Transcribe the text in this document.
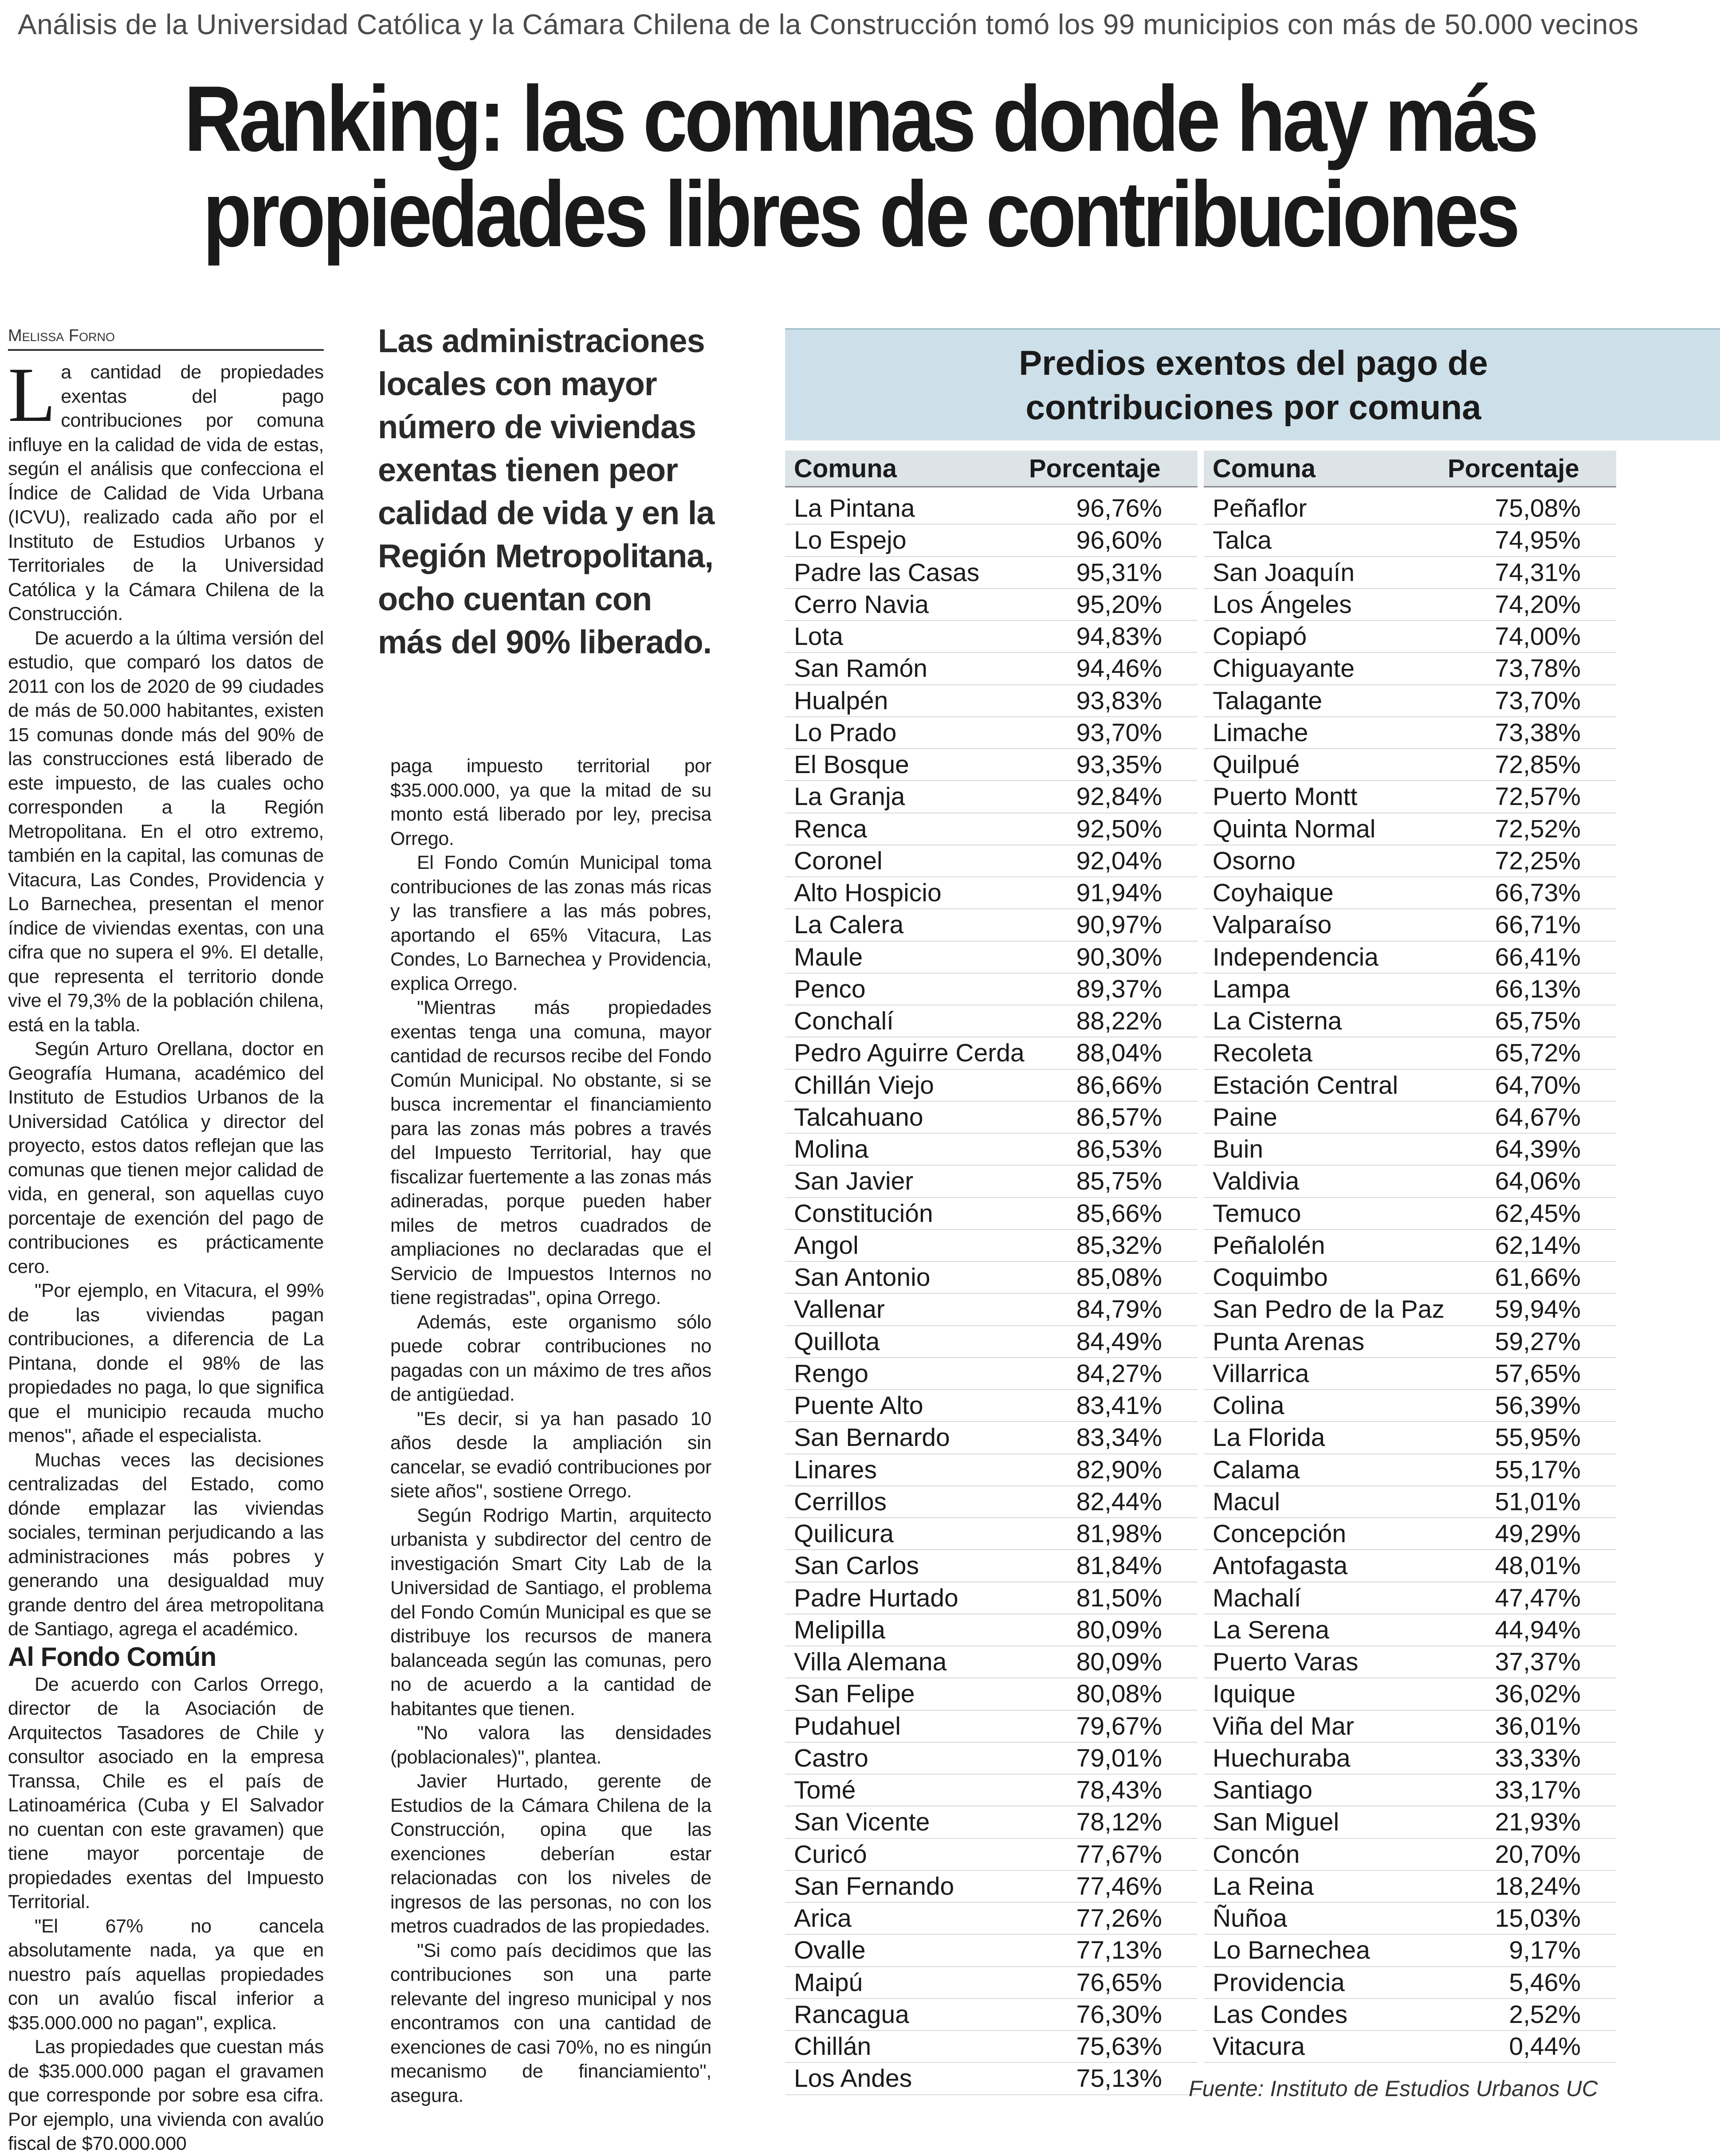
Análisis de la Universidad Católica y la Cámara Chilena de la Construcción tomó los 99 municipios con más de 50.000 vecinos
Ranking: las comunas donde hay más
propiedades libres de contribuciones
Melissa Forno

La cantidad de propiedades exentas del pago contribuciones por comuna influye en la calidad de vida de estas, según el análisis que confecciona el Índice de Calidad de Vida Urbana (ICVU), realizado cada año por el Instituto de Estudios Urbanos y Territoriales de la Universidad Católica y la Cámara Chilena de la Construcción.

De acuerdo a la última versión del estudio, que comparó los datos de 2011 con los de 2020 de 99 ciudades de más de 50.000 habitantes, existen 15 comunas donde más del 90% de las construcciones está liberado de este impuesto, de las cuales ocho corresponden a la Región Metropolitana. En el otro extremo, también en la capital, las comunas de Vitacura, Las Condes, Providencia y Lo Barnechea, presentan el menor índice de viviendas exentas, con una cifra que no supera el 9%. El detalle, que representa el territorio donde vive el 79,3% de la población chilena, está en la tabla.

Según Arturo Orellana, doctor en Geografía Humana, académico del Instituto de Estudios Urbanos de la Universidad Católica y director del proyecto, estos datos reflejan que las comunas que tienen mejor calidad de vida, en general, son aquellas cuyo porcentaje de exención del pago de contribuciones es prácticamente cero.

"Por ejemplo, en Vitacura, el 99% de las viviendas pagan contribuciones, a diferencia de La Pintana, donde el 98% de las propiedades no paga, lo que significa que el municipio recauda mucho menos", añade el especialista.

Muchas veces las decisiones centralizadas del Estado, como dónde emplazar las viviendas sociales, terminan perjudicando a las administraciones más pobres y generando una desigualdad muy grande dentro del área metropolitana de Santiago, agrega el académico.

Al Fondo Común

De acuerdo con Carlos Orrego, director de la Asociación de Arquitectos Tasadores de Chile y consultor asociado en la empresa Transsa, Chile es el país de Latinoamérica (Cuba y El Salvador no cuentan con este gravamen) que tiene mayor porcentaje de propiedades exentas del Impuesto Territorial.

"El 67% no cancela absolutamente nada, ya que en nuestro país aquellas propiedades con un avalúo fiscal inferior a $35.000.000 no pagan", explica.

Las propiedades que cuestan más de $35.000.000 pagan el gravamen que corresponde por sobre esa cifra. Por ejemplo, una vivienda con avalúo fiscal de $70.000.000

Las administraciones locales con mayor número de viviendas exentas tienen peor calidad de vida y en la Región Metropolitana, ocho cuentan con más del 90% liberado.

paga impuesto territorial por $35.000.000, ya que la mitad de su monto está liberado por ley, precisa Orrego.

El Fondo Común Municipal toma contribuciones de las zonas más ricas y las transfiere a las más pobres, aportando el 65% Vitacura, Las Condes, Lo Barnechea y Providencia, explica Orrego.

"Mientras más propiedades exentas tenga una comuna, mayor cantidad de recursos recibe del Fondo Común Municipal. No obstante, si se busca incrementar el financiamiento para las zonas más pobres a través del Impuesto Territorial, hay que fiscalizar fuertemente a las zonas más adineradas, porque pueden haber miles de metros cuadrados de ampliaciones no declaradas que el Servicio de Impuestos Internos no tiene registradas", opina Orrego.

Además, este organismo sólo puede cobrar contribuciones no pagadas con un máximo de tres años de antigüedad.

"Es decir, si ya han pasado 10 años desde la ampliación sin cancelar, se evadió contribuciones por siete años", sostiene Orrego.

Según Rodrigo Martin, arquitecto urbanista y subdirector del centro de investigación Smart City Lab de la Universidad de Santiago, el problema del Fondo Común Municipal es que se distribuye los recursos de manera balanceada según las comunas, pero no de acuerdo a la cantidad de habitantes que tienen.

"No valora las densidades (poblacionales)", plantea.

Javier Hurtado, gerente de Estudios de la Cámara Chilena de la Construcción, opina que las exenciones deberían estar relacionadas con los niveles de ingresos de las personas, no con los metros cuadrados de las propiedades.

"Si como país decidimos que las contribuciones son una parte relevante del ingreso municipal y nos encontramos con una cantidad de exenciones de casi 70%, no es ningún mecanismo de financiamiento", asegura.

Predios exentos del pago de
contribuciones por comuna
Comuna	Porcentaje
La Pintana	96,76%
Lo Espejo	96,60%
Padre las Casas	95,31%
Cerro Navia	95,20%
Lota	94,83%
San Ramón	94,46%
Hualpén	93,83%
Lo Prado	93,70%
El Bosque	93,35%
La Granja	92,84%
Renca	92,50%
Coronel	92,04%
Alto Hospicio	91,94%
La Calera	90,97%
Maule	90,30%
Penco	89,37%
Conchalí	88,22%
Pedro Aguirre Cerda	88,04%
Chillán Viejo	86,66%
Talcahuano	86,57%
Molina	86,53%
San Javier	85,75%
Constitución	85,66%
Angol	85,32%
San Antonio	85,08%
Vallenar	84,79%
Quillota	84,49%
Rengo	84,27%
Puente Alto	83,41%
San Bernardo	83,34%
Linares	82,90%
Cerrillos	82,44%
Quilicura	81,98%
San Carlos	81,84%
Padre Hurtado	81,50%
Melipilla	80,09%
Villa Alemana	80,09%
San Felipe	80,08%
Pudahuel	79,67%
Castro	79,01%
Tomé	78,43%
San Vicente	78,12%
Curicó	77,67%
San Fernando	77,46%
Arica	77,26%
Ovalle	77,13%
Maipú	76,65%
Rancagua	76,30%
Chillán	75,63%
Los Andes	75,13%
Comuna	Porcentaje
Peñaflor	75,08%
Talca	74,95%
San Joaquín	74,31%
Los Ángeles	74,20%
Copiapó	74,00%
Chiguayante	73,78%
Talagante	73,70%
Limache	73,38%
Quilpué	72,85%
Puerto Montt	72,57%
Quinta Normal	72,52%
Osorno	72,25%
Coyhaique	66,73%
Valparaíso	66,71%
Independencia	66,41%
Lampa	66,13%
La Cisterna	65,75%
Recoleta	65,72%
Estación Central	64,70%
Paine	64,67%
Buin	64,39%
Valdivia	64,06%
Temuco	62,45%
Peñalolén	62,14%
Coquimbo	61,66%
San Pedro de la Paz	59,94%
Punta Arenas	59,27%
Villarrica	57,65%
Colina	56,39%
La Florida	55,95%
Calama	55,17%
Macul	51,01%
Concepción	49,29%
Antofagasta	48,01%
Machalí	47,47%
La Serena	44,94%
Puerto Varas	37,37%
Iquique	36,02%
Viña del Mar	36,01%
Huechuraba	33,33%
Santiago	33,17%
San Miguel	21,93%
Concón	20,70%
La Reina	18,24%
Ñuñoa	15,03%
Lo Barnechea	9,17%
Providencia	5,46%
Las Condes	2,52%
Vitacura	0,44%
Fuente: Instituto de Estudios Urbanos UC
